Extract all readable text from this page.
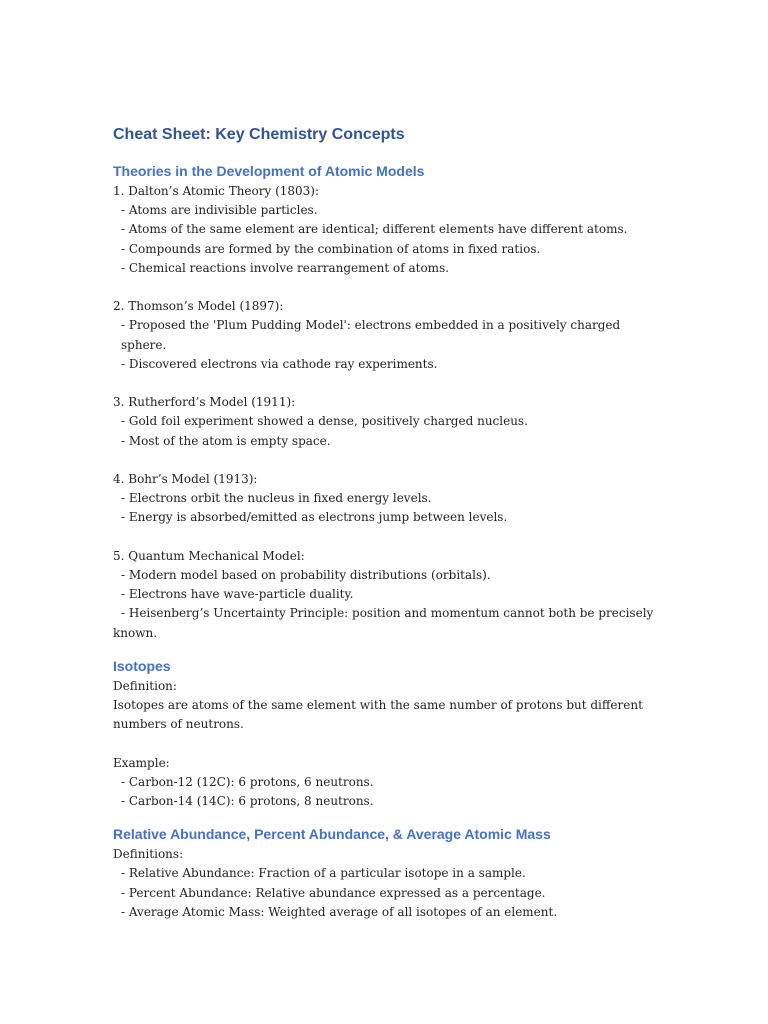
Cheat Sheet: Key Chemistry Concepts
Theories in the Development of Atomic Models

1. Dalton’s Atomic Theory (1803):

- Atoms are indivisible particles.

- Atoms of the same element are identical; different elements have different atoms.

- Compounds are formed by the combination of atoms in fixed ratios.

- Chemical reactions involve rearrangement of atoms.

2. Thomson’s Model (1897):

- Proposed the 'Plum Pudding Model': electrons embedded in a positively charged sphere.

- Discovered electrons via cathode ray experiments.

3. Rutherford’s Model (1911):

- Gold foil experiment showed a dense, positively charged nucleus.

- Most of the atom is empty space.

4. Bohr’s Model (1913):

- Electrons orbit the nucleus in fixed energy levels.

- Energy is absorbed/emitted as electrons jump between levels.

5. Quantum Mechanical Model:

- Modern model based on probability distributions (orbitals).

- Electrons have wave-particle duality.

- Heisenberg’s Uncertainty Principle: position and momentum cannot both be precisely

known.

Isotopes

Definition:

Isotopes are atoms of the same element with the same number of protons but different

numbers of neutrons.

Example:

- Carbon-12 (12C): 6 protons, 6 neutrons.

- Carbon-14 (14C): 6 protons, 8 neutrons.

Relative Abundance, Percent Abundance, & Average Atomic Mass

Definitions:

- Relative Abundance: Fraction of a particular isotope in a sample.

- Percent Abundance: Relative abundance expressed as a percentage.

- Average Atomic Mass: Weighted average of all isotopes of an element.
